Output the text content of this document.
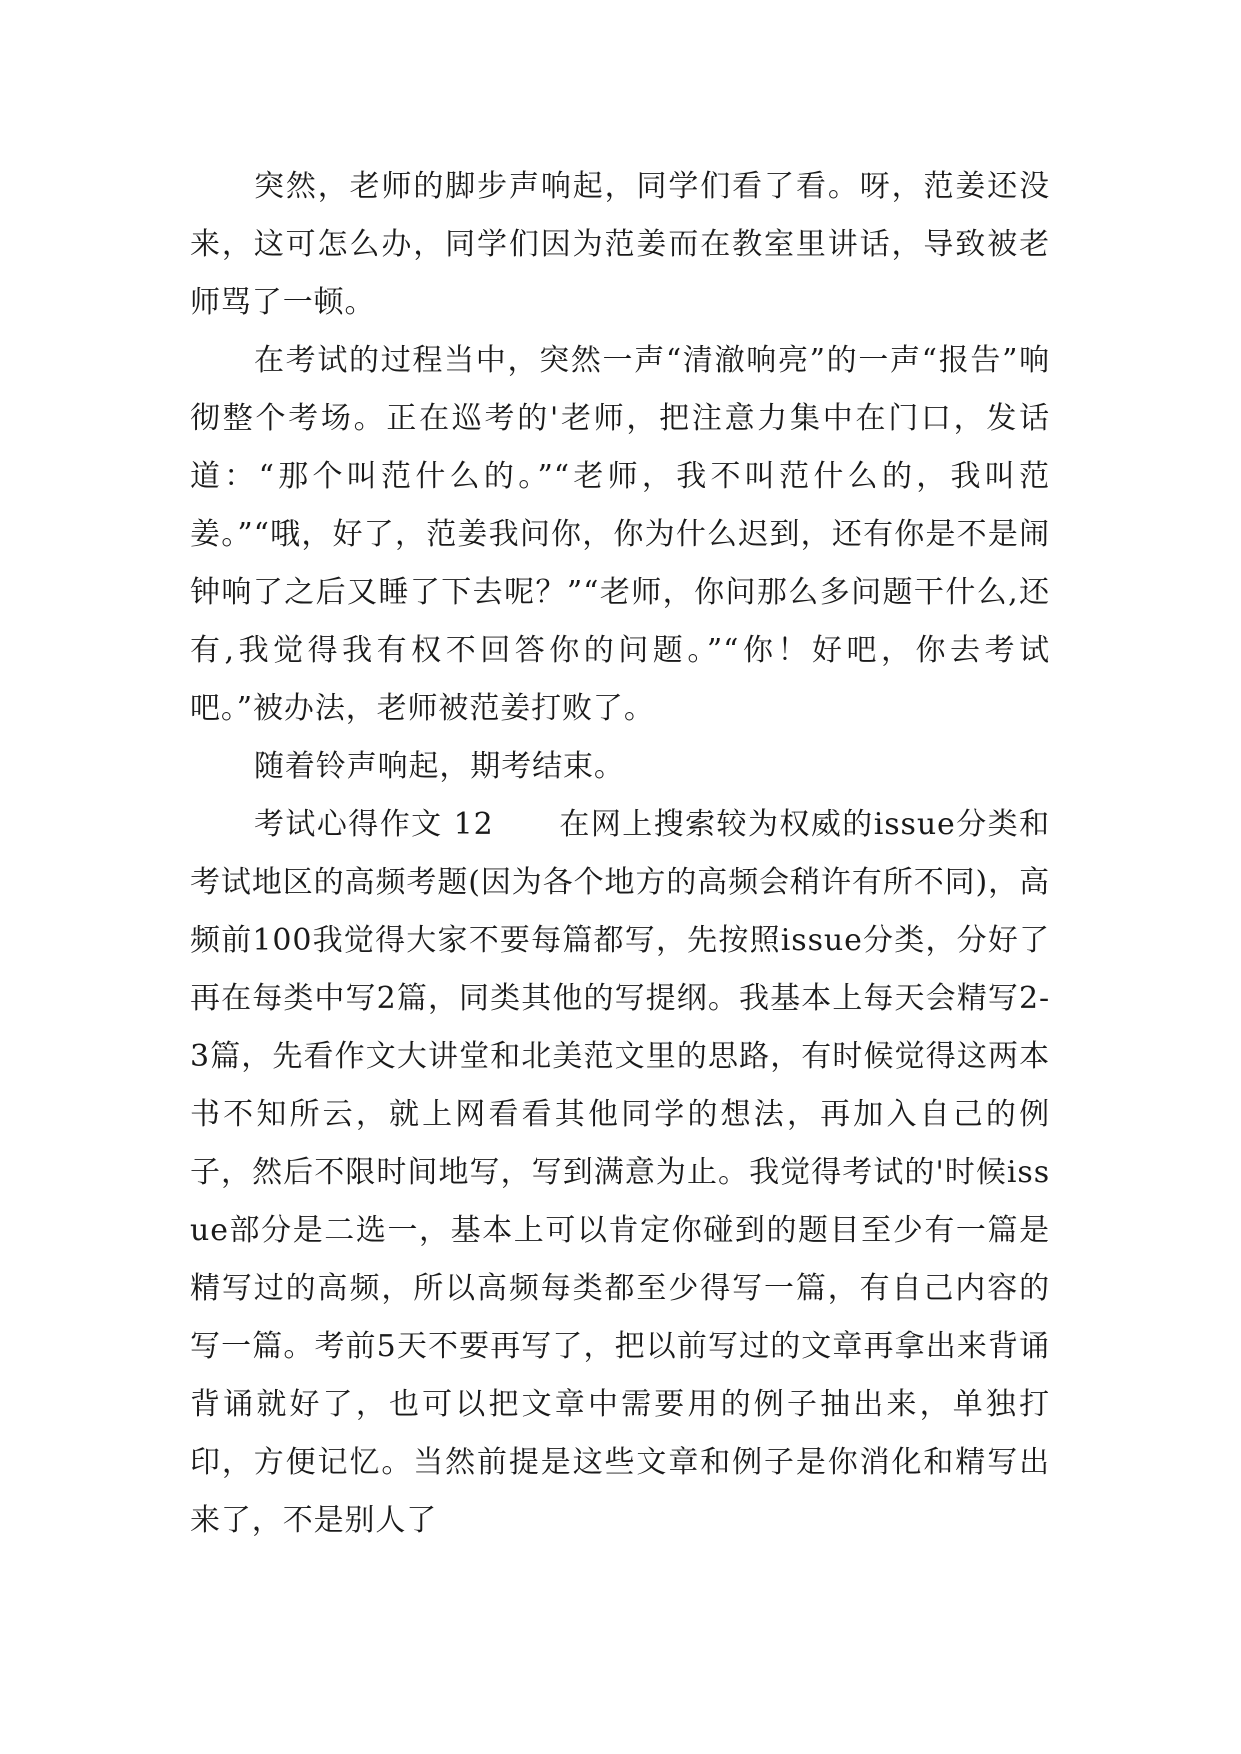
突然，老师的脚步声响起，同学们看了看。呀，范姜还没来，这可怎么办，同学们因为范姜而在教室里讲话，导致被老师骂了一顿。

在考试的过程当中，突然一声“清澈响亮”的一声“报告”响彻整个考场。正在巡考的'老师，把注意力集中在门口，发话道：“那个叫范什么的。”“老师，我不叫范什么的，我叫范姜。”“哦，好了，范姜我问你，你为什么迟到，还有你是不是闹钟响了之后又睡了下去呢？”“老师，你问那么多问题干什么,还有,我觉得我有权不回答你的问题。”“你！好吧，你去考试吧。”被办法，老师被范姜打败了。

随着铃声响起，期考结束。

考试心得作文 12      在网上搜索较为权威的issue分类和考试地区的高频考题(因为各个地方的高频会稍许有所不同)，高频前100我觉得大家不要每篇都写，先按照issue分类，分好了再在每类中写2篇，同类其他的写提纲。我基本上每天会精写2-3篇，先看作文大讲堂和北美范文里的思路，有时候觉得这两本书不知所云，就上网看看其他同学的想法，再加入自己的例子，然后不限时间地写，写到满意为止。我觉得考试的'时候issue部分是二选一，基本上可以肯定你碰到的题目至少有一篇是精写过的高频，所以高频每类都至少得写一篇，有自己内容的写一篇。考前5天不要再写了，把以前写过的文章再拿出来背诵背诵就好了，也可以把文章中需要用的例子抽出来，单独打印，方便记忆。当然前提是这些文章和例子是你消化和精写出来了，不是别人了
